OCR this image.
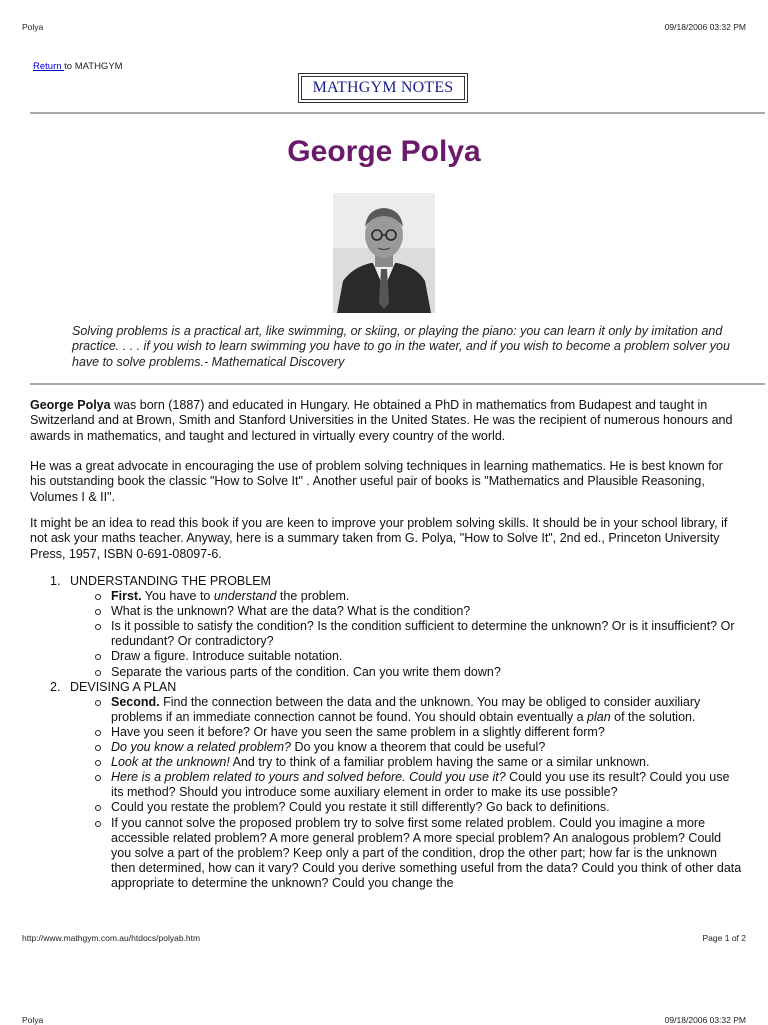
Polya	09/18/2006 03:32 PM
Return to MATHGYM
MATHGYM NOTES
George Polya
Solving problems is a practical art, like swimming, or skiing, or playing the piano: you can learn it only by imitation and practice. . . . if you wish to learn swimming you have to go in the water, and if you wish to become a problem solver you have to solve problems.- Mathematical Discovery
George Polya was born (1887) and educated in Hungary. He obtained a PhD in mathematics from Budapest and taught in Switzerland and at Brown, Smith and Stanford Universities in the United States. He was the recipient of numerous honours and awards in mathematics, and taught and lectured in virtually every country of the world.
He was a great advocate in encouraging the use of problem solving techniques in learning mathematics. He is best known for his outstanding book the classic "How to Solve It" . Another useful pair of books is "Mathematics and Plausible Reasoning, Volumes I & II".
It might be an idea to read this book if you are keen to improve your problem solving skills. It should be in your school library, if not ask your maths teacher. Anyway, here is a summary taken from G. Polya, "How to Solve It", 2nd ed., Princeton University Press, 1957, ISBN 0-691-08097-6.
1. UNDERSTANDING THE PROBLEM
First. You have to understand the problem.
What is the unknown? What are the data? What is the condition?
Is it possible to satisfy the condition? Is the condition sufficient to determine the unknown? Or is it insufficient? Or redundant? Or contradictory?
Draw a figure. Introduce suitable notation.
Separate the various parts of the condition. Can you write them down?
2. DEVISING A PLAN
Second. Find the connection between the data and the unknown. You may be obliged to consider auxiliary problems if an immediate connection cannot be found. You should obtain eventually a plan of the solution.
Have you seen it before? Or have you seen the same problem in a slightly different form?
Do you know a related problem? Do you know a theorem that could be useful?
Look at the unknown! And try to think of a familiar problem having the same or a similar unknown.
Here is a problem related to yours and solved before. Could you use it? Could you use its result? Could you use its method? Should you introduce some auxiliary element in order to make its use possible?
Could you restate the problem? Could you restate it still differently? Go back to definitions.
If you cannot solve the proposed problem try to solve first some related problem. Could you imagine a more accessible related problem? A more general problem? A more special problem? An analogous problem? Could you solve a part of the problem? Keep only a part of the condition, drop the other part; how far is the unknown then determined, how can it vary? Could you derive something useful from the data? Could you think of other data appropriate to determine the unknown? Could you change the
http://www.mathgym.com.au/htdocs/polyab.htm	Page 1 of 2
Polya	09/18/2006 03:32 PM
